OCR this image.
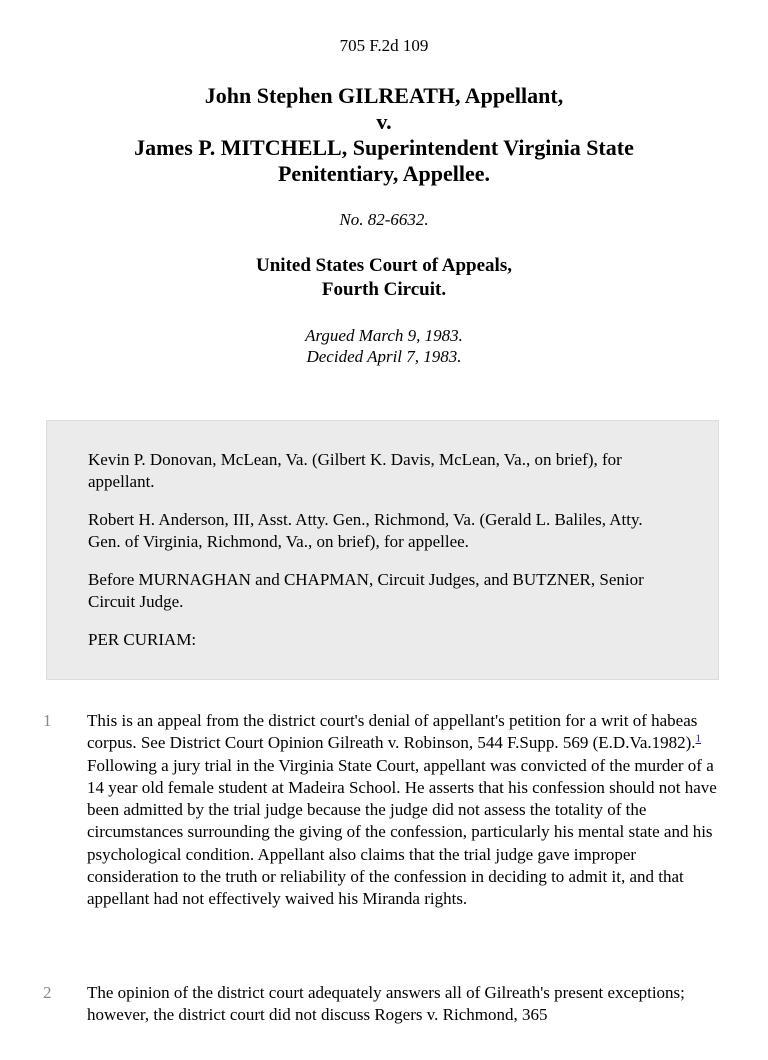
705 F.2d 109
John Stephen GILREATH, Appellant,
v.
James P. MITCHELL, Superintendent Virginia State
Penitentiary, Appellee.
No. 82-6632.
United States Court of Appeals,
Fourth Circuit.
Argued March 9, 1983.
Decided April 7, 1983.

Kevin P. Donovan, McLean, Va. (Gilbert K. Davis, McLean, Va., on brief), for appellant.

Robert H. Anderson, III, Asst. Atty. Gen., Richmond, Va. (Gerald L. Baliles, Atty. Gen. of Virginia, Richmond, Va., on brief), for appellee.

Before MURNAGHAN and CHAPMAN, Circuit Judges, and BUTZNER, Senior Circuit Judge.

PER CURIAM:

1	This is an appeal from the district court's denial of appellant's petition for a writ of habeas corpus. See District Court Opinion Gilreath v. Robinson, 544 F.Supp. 569 (E.D.Va.1982).$^1$ Following a jury trial in the Virginia State Court, appellant was convicted of the murder of a 14 year old female student at Madeira School. He asserts that his confession should not have been admitted by the trial judge because the judge did not assess the totality of the circumstances surrounding the giving of the confession, particularly his mental state and his psychological condition. Appellant also claims that the trial judge gave improper consideration to the truth or reliability of the confession in deciding to admit it, and that appellant had not effectively waived his Miranda rights.
2	The opinion of the district court adequately answers all of Gilreath's present exceptions; however, the district court did not discuss Rogers v. Richmond, 365
